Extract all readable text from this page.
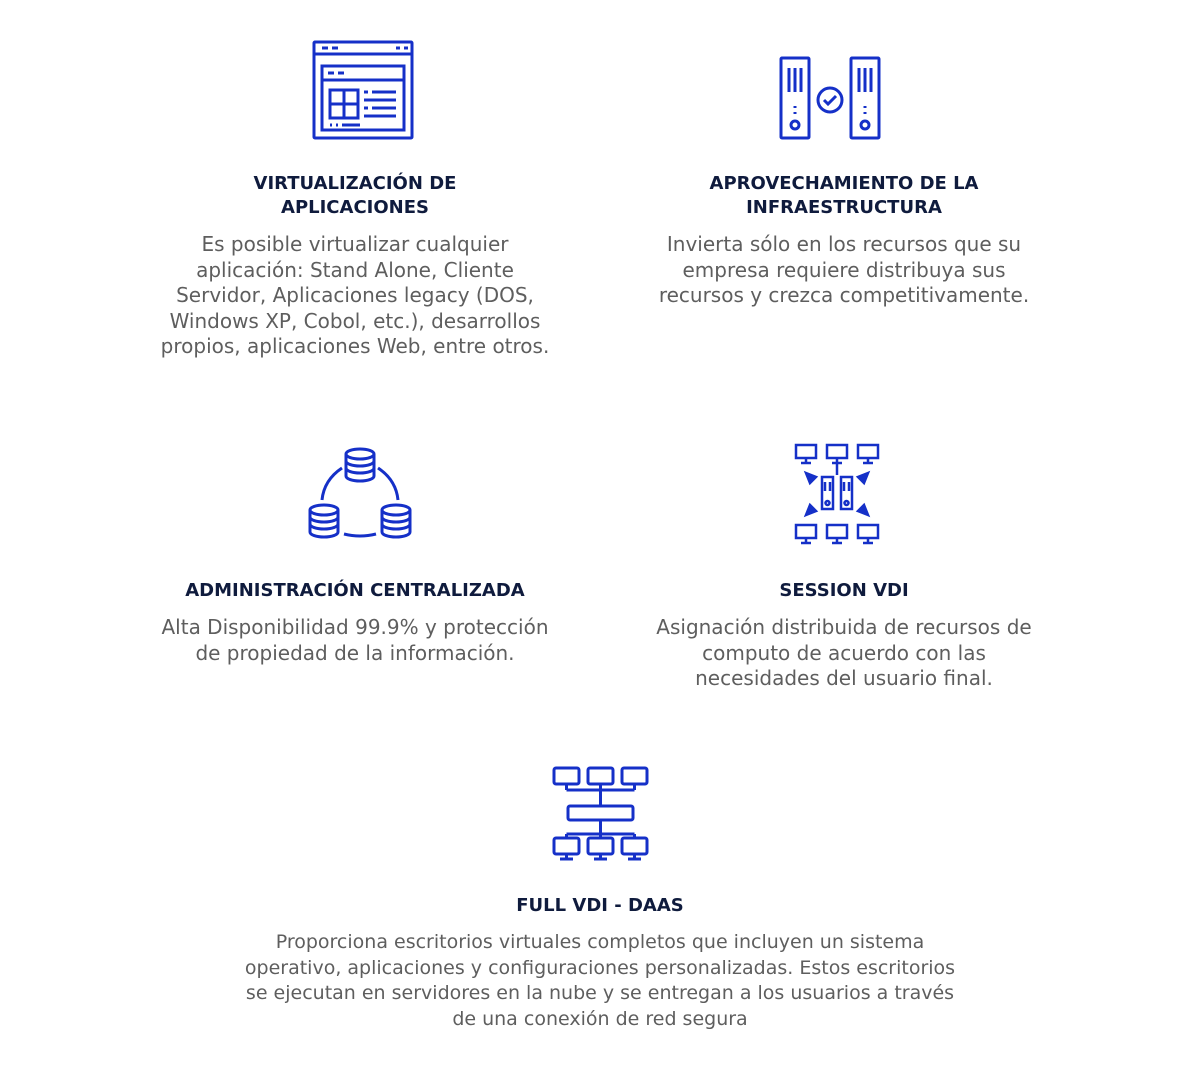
VIRTUALIZACIÓN DE
APLICACIONES
Es posible virtualizar cualquier
aplicación: Stand Alone, Cliente
Servidor, Aplicaciones legacy (DOS,
Windows XP, Cobol, etc.), desarrollos
propios, aplicaciones Web, entre otros.
APROVECHAMIENTO DE LA
INFRAESTRUCTURA
Invierta sólo en los recursos que su
empresa requiere distribuya sus
recursos y crezca competitivamente.
ADMINISTRACIÓN CENTRALIZADA
Alta Disponibilidad 99.9% y protección
de propiedad de la información.
SESSION VDI
Asignación distribuida de recursos de
computo de acuerdo con las
necesidades del usuario final.
FULL VDI - DAAS
Proporciona escritorios virtuales completos que incluyen un sistema
operativo, aplicaciones y configuraciones personalizadas. Estos escritorios
se ejecutan en servidores en la nube y se entregan a los usuarios a través
de una conexión de red segura
